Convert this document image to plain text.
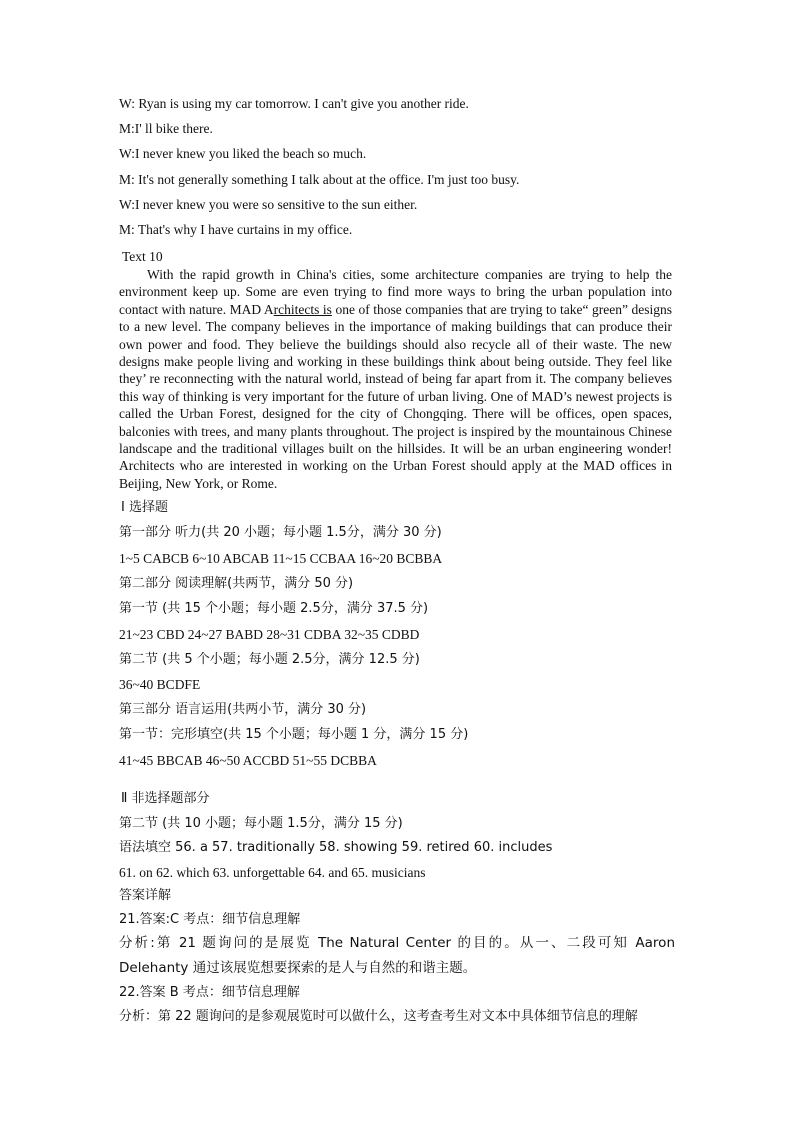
W: Ryan is using my car tomorrow. I can't give you another ride.
M:I' ll bike there.
W:I never knew you liked the beach so much.
M: It's not generally something I talk about at the office. I'm just too busy.
W:I never knew you were so sensitive to the sun either.
M: That's why I have curtains in my office.
Text 10
With the rapid growth in China's cities, some architecture companies are trying to help the environment keep up. Some are even trying to find more ways to bring the urban population into contact with nature. MAD Architects is one of those companies that are trying to take“ green” designs to a new level. The company believes in the importance of making buildings that can produce their own power and food. They believe the buildings should also recycle all of their waste. The new designs make people living and working in these buildings think about being outside. They feel like they’ re reconnecting with the natural world, instead of being far apart from it. The company believes this way of thinking is very important for the future of urban living. One of MAD’s newest projects is called the Urban Forest, designed for the city of Chongqing. There will be offices, open spaces, balconies with trees, and many plants throughout. The project is inspired by the mountainous Chinese landscape and the traditional villages built on the hillsides. It will be an urban engineering wonder! Architects who are interested in working on the Urban Forest should apply at the MAD offices in Beijing, New York, or Rome.
Ⅰ 选择题
第一部分 听力(共 20 小题；每小题 1.5分，满分 30 分)
1~5 CABCB 6~10 ABCAB 11~15 CCBAA 16~20 BCBBA
第二部分 阅读理解(共两节，满分 50 分)
第一节 (共 15 个小题；每小题 2.5分，满分 37.5 分)
21~23 CBD 24~27 BABD 28~31 CDBA 32~35 CDBD
第二节 (共 5 个小题；每小题 2.5分，满分 12.5 分)
36~40 BCDFE
第三部分 语言运用(共两小节，满分 30 分)
第一节：完形填空(共 15 个小题；每小题 1 分，满分 15 分)
41~45 BBCAB 46~50 ACCBD 51~55 DCBBA
Ⅱ 非选择题部分
第二节 (共 10 小题；每小题 1.5分，满分 15 分)
语法填空 56. a 57. traditionally 58. showing 59. retired 60. includes
61. on 62. which 63. unforgettable 64. and 65. musicians
答案详解
21.答案:C 考点：细节信息理解
分析:第 21 题询问的是展览 The Natural Center 的目的。从一、二段可知 Aaron Delehanty 通过该展览想要探索的是人与自然的和谐主题。
22.答案 B 考点：细节信息理解
分析：第 22 题询问的是参观展览时可以做什么，这考查考生对文本中具体细节信息的理解
